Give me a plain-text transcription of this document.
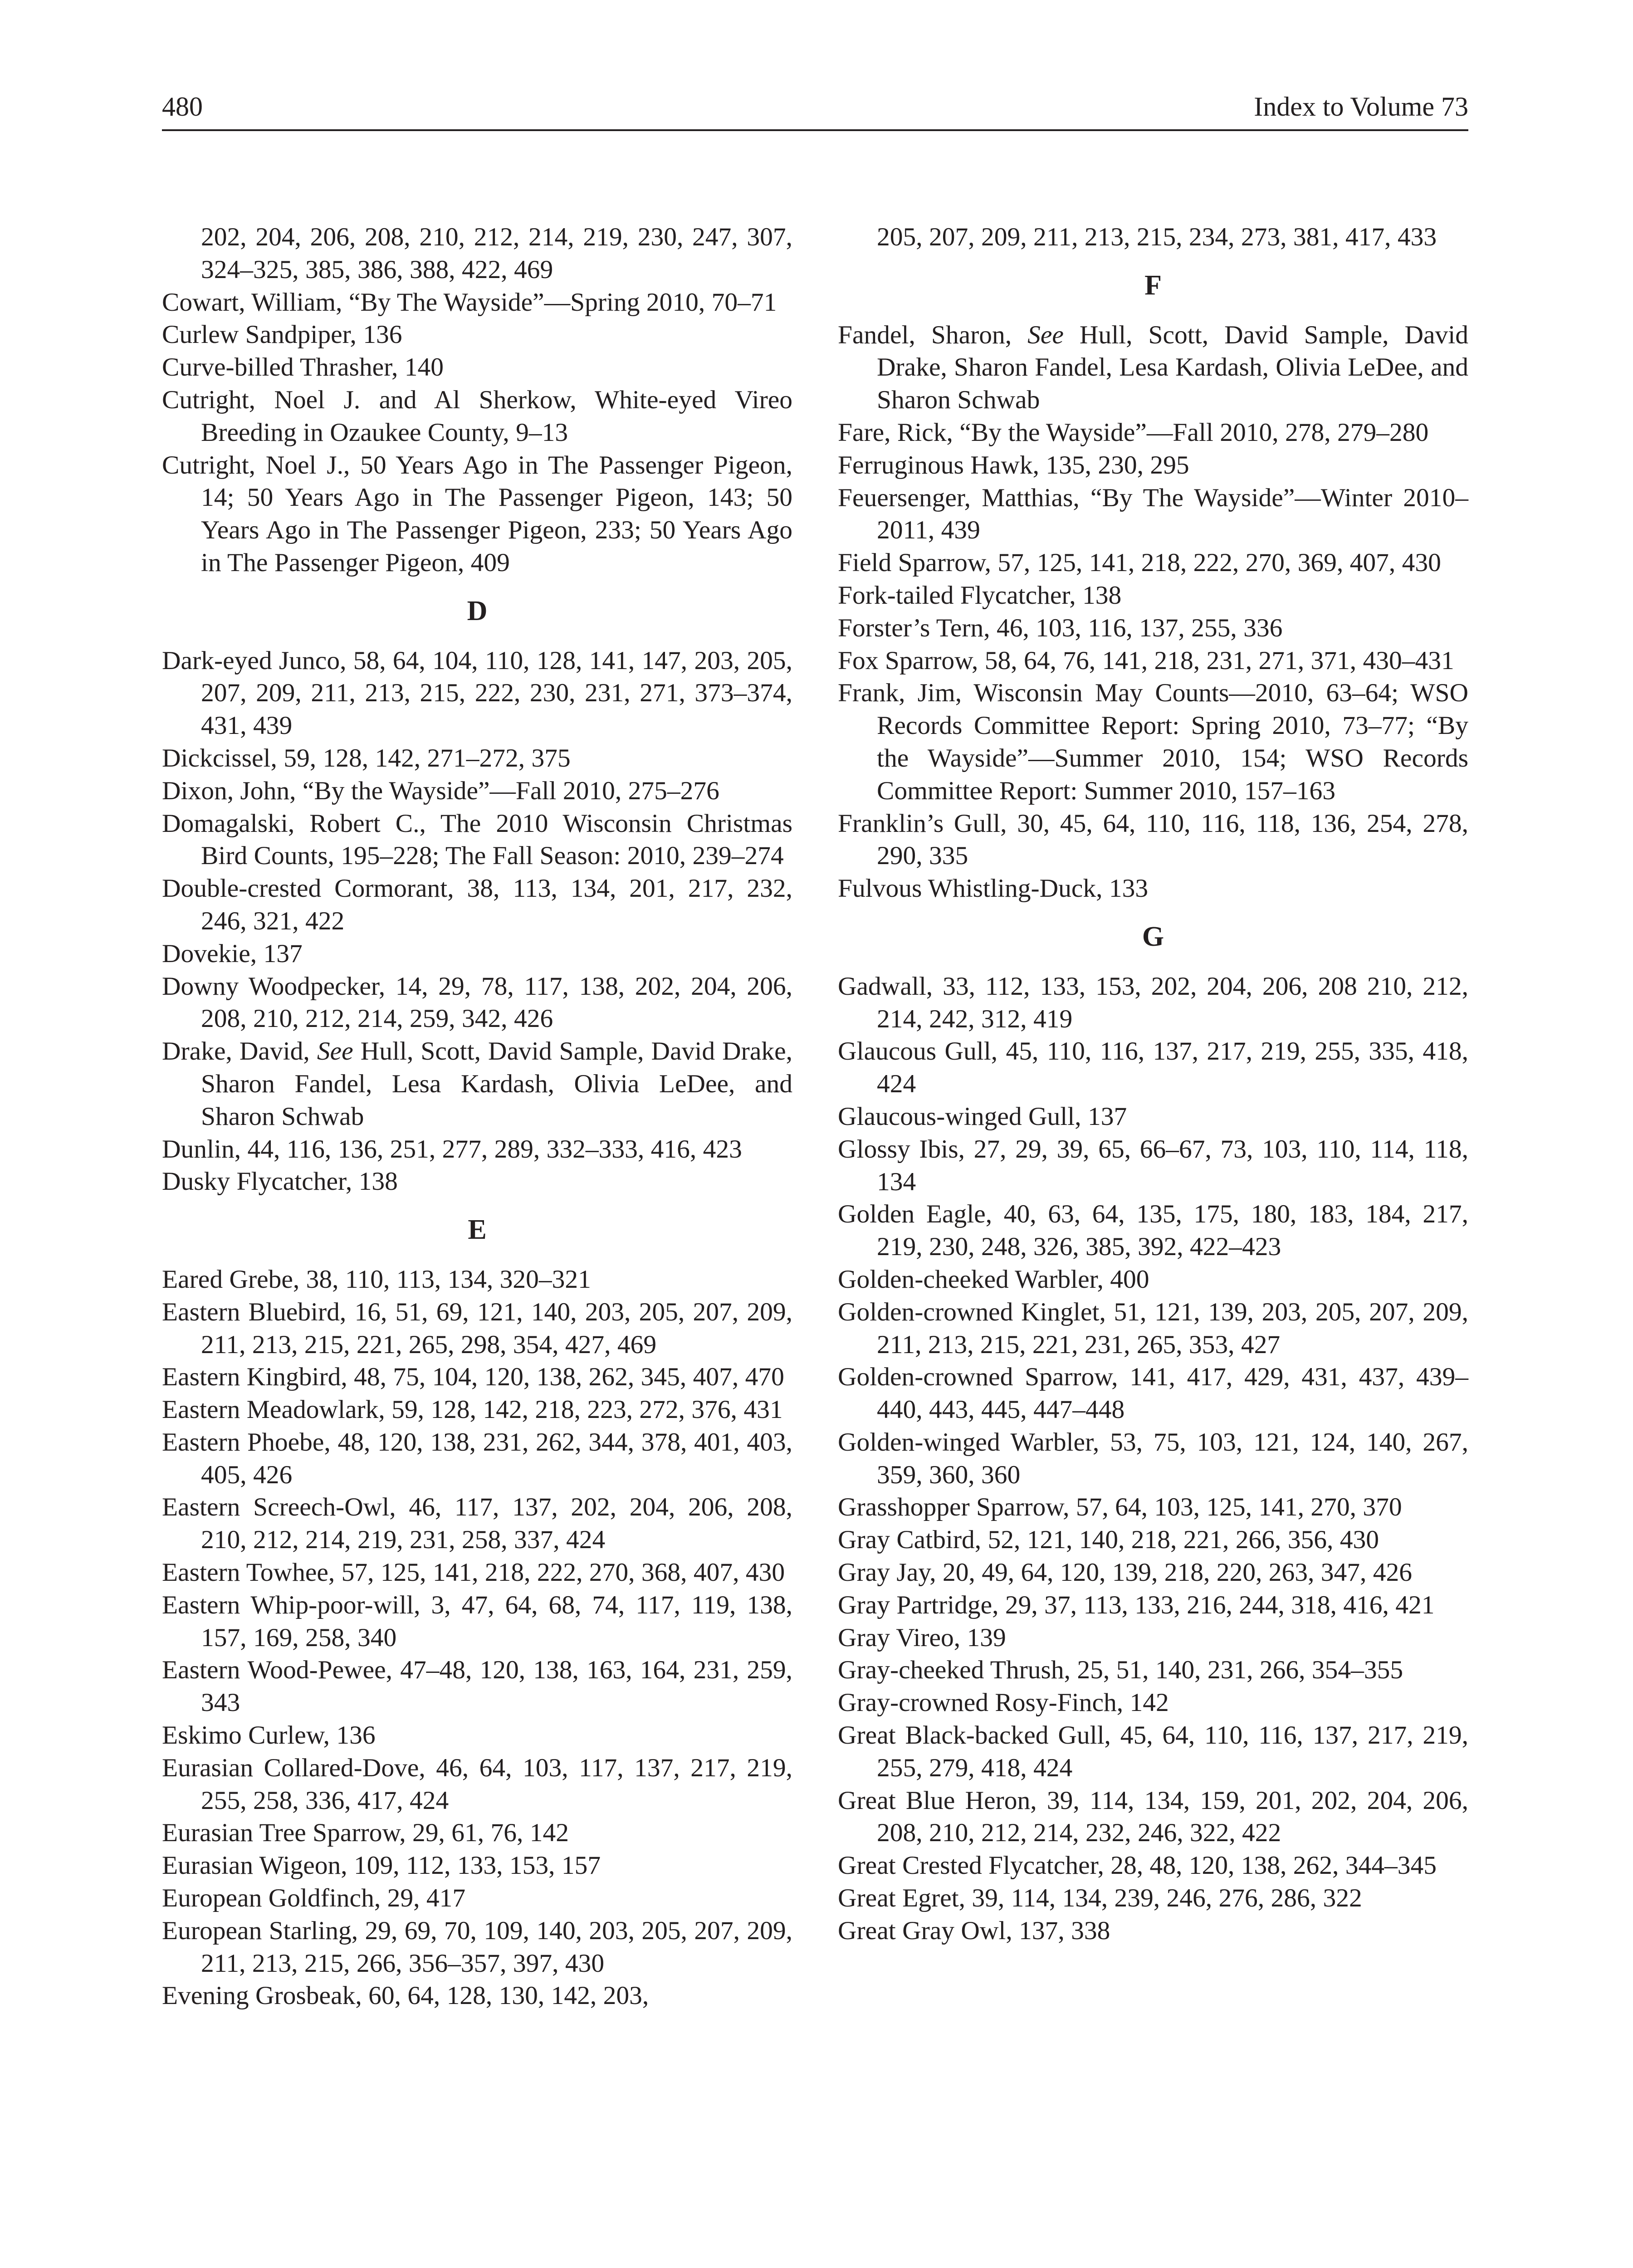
480	Index to Volume 73
202, 204, 206, 208, 210, 212, 214, 219, 230, 247, 307, 324–325, 385, 386, 388, 422, 469
Cowart, William, “By The Wayside”—Spring 2010, 70–71
Curlew Sandpiper, 136
Curve-billed Thrasher, 140
Cutright, Noel J. and Al Sherkow, White-eyed Vireo Breeding in Ozaukee County, 9–13
Cutright, Noel J., 50 Years Ago in The Passenger Pigeon, 14; 50 Years Ago in The Passenger Pigeon, 143; 50 Years Ago in The Passenger Pigeon, 233; 50 Years Ago in The Passenger Pigeon, 409
D
Dark-eyed Junco, 58, 64, 104, 110, 128, 141, 147, 203, 205, 207, 209, 211, 213, 215, 222, 230, 231, 271, 373–374, 431, 439
Dickcissel, 59, 128, 142, 271–272, 375
Dixon, John, “By the Wayside”—Fall 2010, 275–276
Domagalski, Robert C., The 2010 Wisconsin Christmas Bird Counts, 195–228; The Fall Season: 2010, 239–274
Double-crested Cormorant, 38, 113, 134, 201, 217, 232, 246, 321, 422
Dovekie, 137
Downy Woodpecker, 14, 29, 78, 117, 138, 202, 204, 206, 208, 210, 212, 214, 259, 342, 426
Drake, David, See Hull, Scott, David Sample, David Drake, Sharon Fandel, Lesa Kardash, Olivia LeDee, and Sharon Schwab
Dunlin, 44, 116, 136, 251, 277, 289, 332–333, 416, 423
Dusky Flycatcher, 138
E
Eared Grebe, 38, 110, 113, 134, 320–321
Eastern Bluebird, 16, 51, 69, 121, 140, 203, 205, 207, 209, 211, 213, 215, 221, 265, 298, 354, 427, 469
Eastern Kingbird, 48, 75, 104, 120, 138, 262, 345, 407, 470
Eastern Meadowlark, 59, 128, 142, 218, 223, 272, 376, 431
Eastern Phoebe, 48, 120, 138, 231, 262, 344, 378, 401, 403, 405, 426
Eastern Screech-Owl, 46, 117, 137, 202, 204, 206, 208, 210, 212, 214, 219, 231, 258, 337, 424
Eastern Towhee, 57, 125, 141, 218, 222, 270, 368, 407, 430
Eastern Whip-poor-will, 3, 47, 64, 68, 74, 117, 119, 138, 157, 169, 258, 340
Eastern Wood-Pewee, 47–48, 120, 138, 163, 164, 231, 259, 343
Eskimo Curlew, 136
Eurasian Collared-Dove, 46, 64, 103, 117, 137, 217, 219, 255, 258, 336, 417, 424
Eurasian Tree Sparrow, 29, 61, 76, 142
Eurasian Wigeon, 109, 112, 133, 153, 157
European Goldfinch, 29, 417
European Starling, 29, 69, 70, 109, 140, 203, 205, 207, 209, 211, 213, 215, 266, 356–357, 397, 430
Evening Grosbeak, 60, 64, 128, 130, 142, 203,
205, 207, 209, 211, 213, 215, 234, 273, 381, 417, 433
F
Fandel, Sharon, See Hull, Scott, David Sample, David Drake, Sharon Fandel, Lesa Kardash, Olivia LeDee, and Sharon Schwab
Fare, Rick, “By the Wayside”—Fall 2010, 278, 279–280
Ferruginous Hawk, 135, 230, 295
Feuersenger, Matthias, “By The Wayside”—Winter 2010–2011, 439
Field Sparrow, 57, 125, 141, 218, 222, 270, 369, 407, 430
Fork-tailed Flycatcher, 138
Forster’s Tern, 46, 103, 116, 137, 255, 336
Fox Sparrow, 58, 64, 76, 141, 218, 231, 271, 371, 430–431
Frank, Jim, Wisconsin May Counts—2010, 63–64; WSO Records Committee Report: Spring 2010, 73–77; “By the Wayside”—Summer 2010, 154; WSO Records Committee Report: Summer 2010, 157–163
Franklin’s Gull, 30, 45, 64, 110, 116, 118, 136, 254, 278, 290, 335
Fulvous Whistling-Duck, 133
G
Gadwall, 33, 112, 133, 153, 202, 204, 206, 208 210, 212, 214, 242, 312, 419
Glaucous Gull, 45, 110, 116, 137, 217, 219, 255, 335, 418, 424
Glaucous-winged Gull, 137
Glossy Ibis, 27, 29, 39, 65, 66–67, 73, 103, 110, 114, 118, 134
Golden Eagle, 40, 63, 64, 135, 175, 180, 183, 184, 217, 219, 230, 248, 326, 385, 392, 422–423
Golden-cheeked Warbler, 400
Golden-crowned Kinglet, 51, 121, 139, 203, 205, 207, 209, 211, 213, 215, 221, 231, 265, 353, 427
Golden-crowned Sparrow, 141, 417, 429, 431, 437, 439–440, 443, 445, 447–448
Golden-winged Warbler, 53, 75, 103, 121, 124, 140, 267, 359, 360, 360
Grasshopper Sparrow, 57, 64, 103, 125, 141, 270, 370
Gray Catbird, 52, 121, 140, 218, 221, 266, 356, 430
Gray Jay, 20, 49, 64, 120, 139, 218, 220, 263, 347, 426
Gray Partridge, 29, 37, 113, 133, 216, 244, 318, 416, 421
Gray Vireo, 139
Gray-cheeked Thrush, 25, 51, 140, 231, 266, 354–355
Gray-crowned Rosy-Finch, 142
Great Black-backed Gull, 45, 64, 110, 116, 137, 217, 219, 255, 279, 418, 424
Great Blue Heron, 39, 114, 134, 159, 201, 202, 204, 206, 208, 210, 212, 214, 232, 246, 322, 422
Great Crested Flycatcher, 28, 48, 120, 138, 262, 344–345
Great Egret, 39, 114, 134, 239, 246, 276, 286, 322
Great Gray Owl, 137, 338
